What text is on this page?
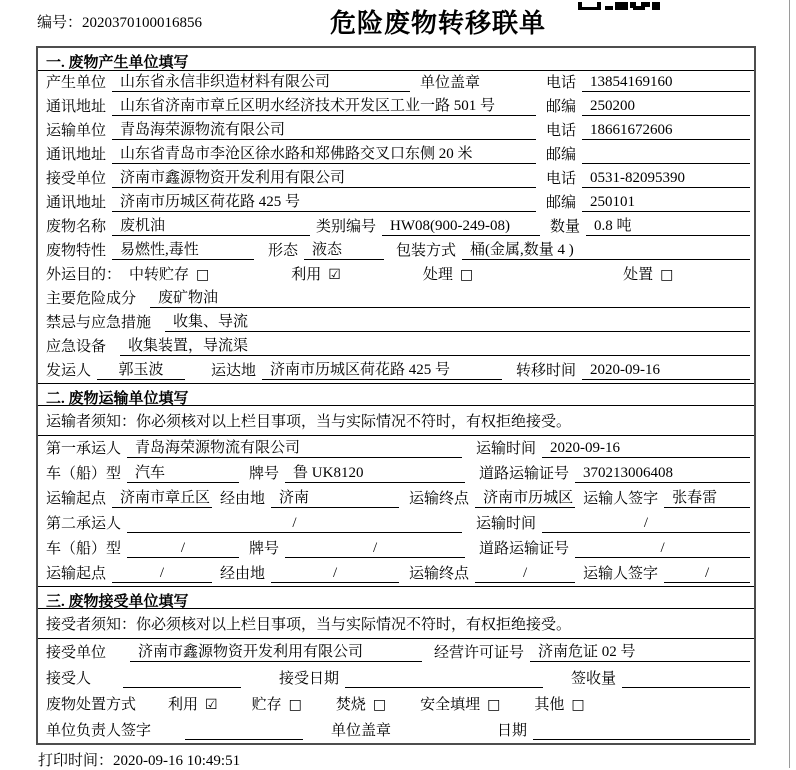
编号：2020370100016856	危险废物转移联单
一. 废物产生单位填写
产生单位 山东省永信非织造材料有限公司	单位盖章	电话 13854169160
通讯地址 山东省济南市章丘区明水经济技术开发区工业一路 501 号	邮编 250200
运输单位 青岛海荣源物流有限公司	电话 18661672606
通讯地址 山东省青岛市李沧区徐水路和郑佛路交叉口东侧 20 米	邮编
接受单位 济南市鑫源物资开发利用有限公司	电话 0531-82095390
通讯地址 济南市历城区荷花路 425 号	邮编 250101
废物名称 废机油	类别编号 HW08(900-249-08)	数量 0.8 吨
废物特性 易燃性,毒性	形态 液态	包装方式 桶(金属,数量 4 )
外运目的： 中转贮存 □	利用 ☑	处理 □	处置 □
主要危险成分	废矿物油
禁忌与应急措施	收集、导流
应急设备	收集装置，导流渠
发运人	郭玉波	运达地 济南市历城区荷花路 425 号	转移时间 2020-09-16
二. 废物运输单位填写
运输者须知：你必须核对以上栏目事项，当与实际情况不符时，有权拒绝接受。
第一承运人 青岛海荣源物流有限公司	运输时间 2020-09-16
车（船）型 汽车	牌号 鲁 UK8120	道路运输证号 370213006408
运输起点 济南市章丘区 经由地 济南	运输终点 济南市历城区 运输人签字 张春雷
第二承运人	/	运输时间	/
车（船）型	/	牌号	/	道路运输证号	/
运输起点	/	经由地	/	运输终点	/	运输人签字	/
三. 废物接受单位填写
接受者须知：你必须核对以上栏目事项，当与实际情况不符时，有权拒绝接受。
接受单位	济南市鑫源物资开发利用有限公司	经营许可证号 济南危证 02 号
接受人	接受日期	签收量
废物处置方式	利用 ☑ 贮存 □ 焚烧 □ 安全填埋 □ 其他 □
单位负责人签字	单位盖章	日期
打印时间：2020-09-16 10:49:51
